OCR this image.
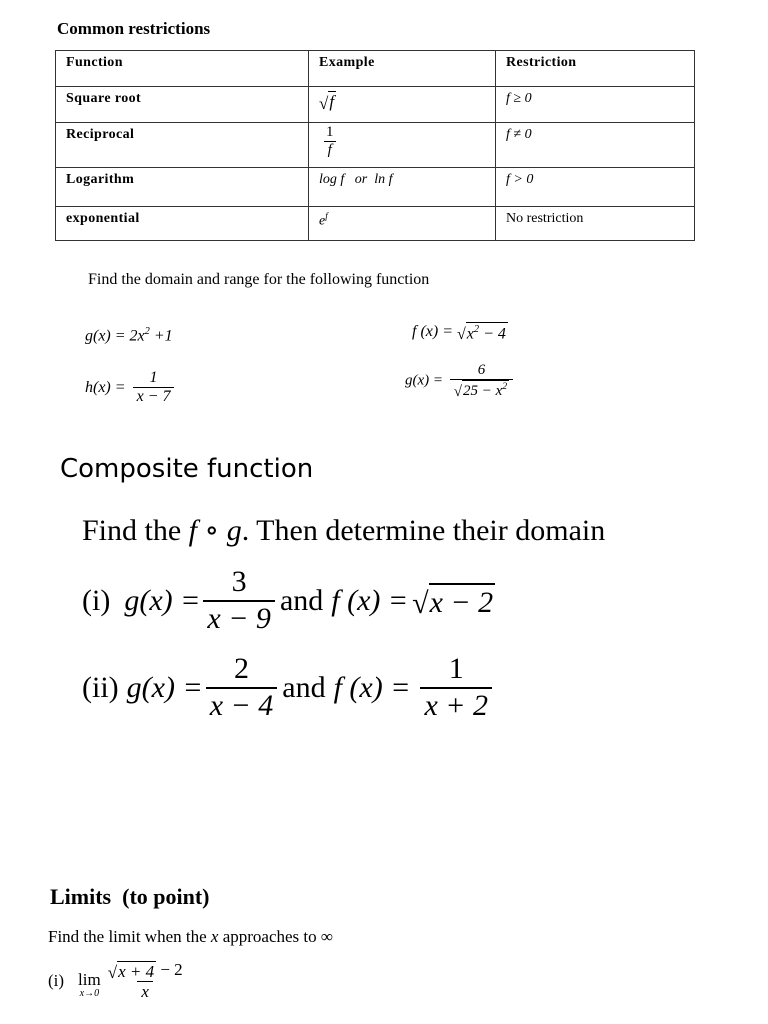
Common restrictions
Function	Example	Restriction
Square root	√ f	f ≥ 0
Reciprocal	$\frac{1}{f}$	f ≠ 0
Logarithm	log f   or  ln f	f > 0
exponential	$e^f$	No restriction
Find the domain and range for the following function
$g(x) = 2x^2 +1$	f (x) = √ $x^2 - 4$
$h(x) = \frac{1}{x - 7}$	$g(x) = \frac{6}{√ 25 - x^2}$
Composite function
Find the f ∘ g. Then determine their domain
(i) $g(x) = \frac{3}{x - 9}$ and f (x) = √ x − 2
(ii) $g(x) = \frac{2}{x - 4}$ and f $(x) = \frac{1}{x + 2}$
Limits  (to point)
Find the limit when the x approaches to ∞
(i) lim
$x\to 0 \frac{√ x + 4 - 2}{x}$
